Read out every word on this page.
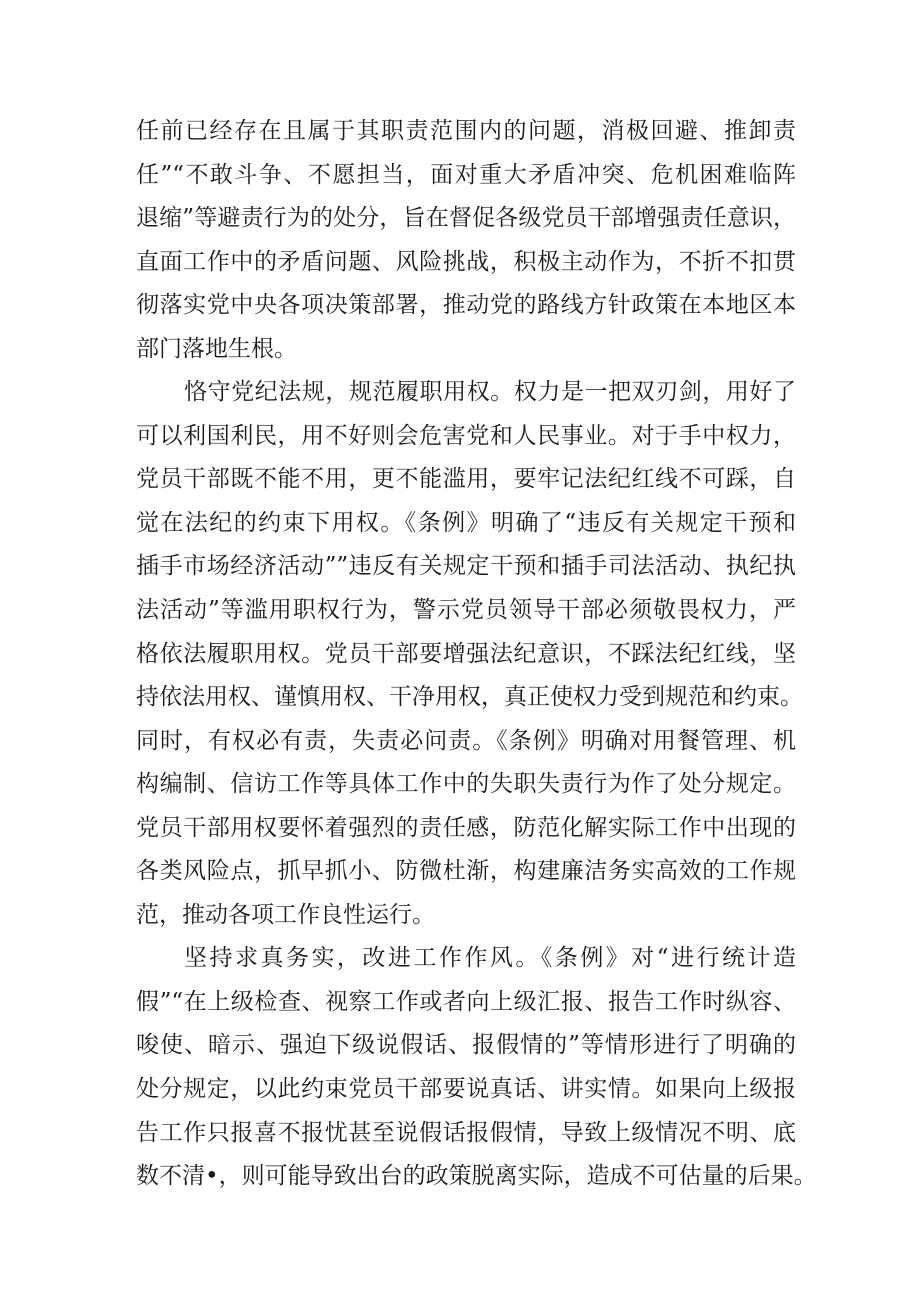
任前已经存在且属于其职责范围内的问题，消极回避、推卸责
任”“不敢斗争、不愿担当，面对重大矛盾冲突、危机困难临阵
退缩”等避责行为的处分，旨在督促各级党员干部增强责任意识，
直面工作中的矛盾问题、风险挑战，积极主动作为，不折不扣贯
彻落实党中央各项决策部署，推动党的路线方针政策在本地区本
部门落地生根。
恪守党纪法规，规范履职用权。权力是一把双刃剑，用好了
可以利国利民，用不好则会危害党和人民事业。对于手中权力，
党员干部既不能不用，更不能滥用，要牢记法纪红线不可踩，自
觉在法纪的约束下用权。《条例》明确了“违反有关规定干预和
插手市场经济活动””违反有关规定干预和插手司法活动、执纪执
法活动”等滥用职权行为，警示党员领导干部必须敬畏权力，严
格依法履职用权。党员干部要增强法纪意识，不踩法纪红线，坚
持依法用权、谨慎用权、干净用权，真正使权力受到规范和约束。
同时，有权必有责，失责必问责。《条例》明确对用餐管理、机
构编制、信访工作等具体工作中的失职失责行为作了处分规定。
党员干部用权要怀着强烈的责任感，防范化解实际工作中出现的
各类风险点，抓早抓小、防微杜渐，构建廉洁务实高效的工作规
范，推动各项工作良性运行。
坚持求真务实，改进工作作风。《条例》对“进行统计造
假”“在上级检查、视察工作或者向上级汇报、报告工作时纵容、
唆使、暗示、强迫下级说假话、报假情的”等情形进行了明确的
处分规定，以此约束党员干部要说真话、讲实情。如果向上级报
告工作只报喜不报忧甚至说假话报假情，导致上级情况不明、底
数不清•，则可能导致出台的政策脱离实际，造成不可估量的后果。
